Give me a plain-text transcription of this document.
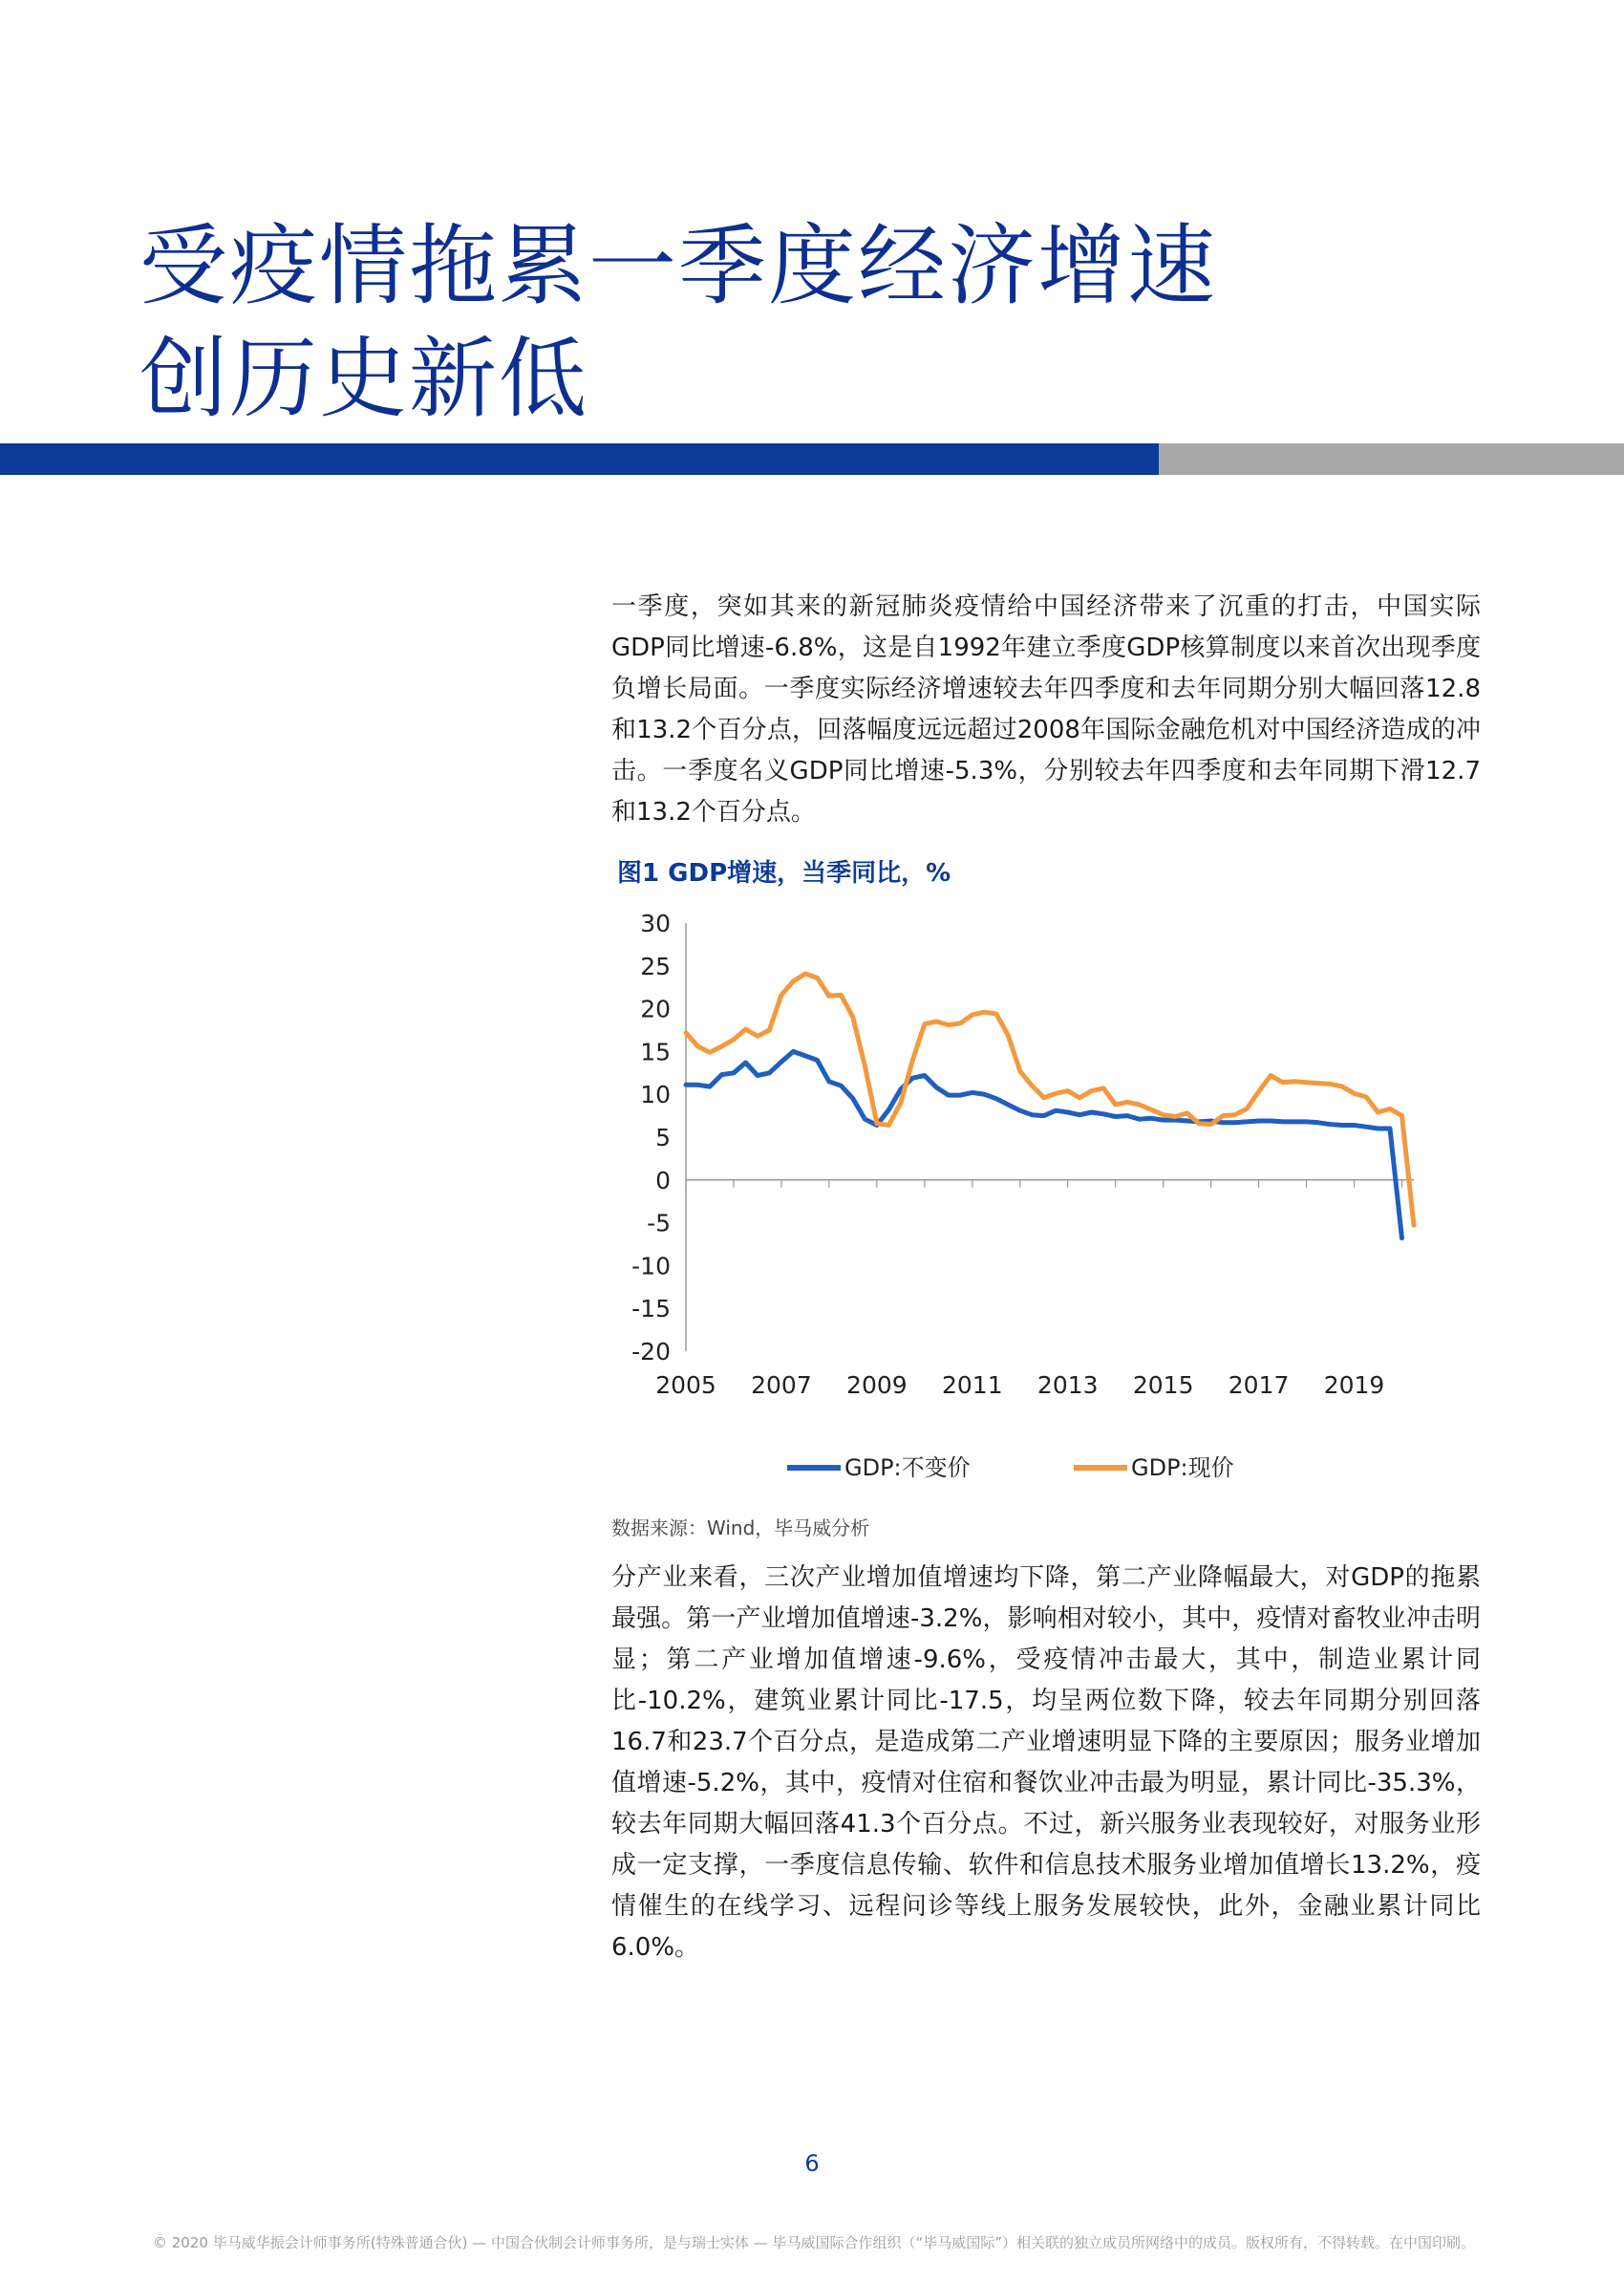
受疫情拖累一季度经济增速
创历史新低

一季度，突如其来的新冠肺炎疫情给中国经济带来了沉重的打击，中国实际GDP同比增速-6.8%，这是自1992年建立季度GDP核算制度以来首次出现季度负增长局面。一季度实际经济增速较去年四季度和去年同期分别大幅回落12.8和13.2个百分点，回落幅度远远超过2008年国际金融危机对中国经济造成的冲击。一季度名义GDP同比增速-5.3%，分别较去年四季度和去年同期下滑12.7和13.2个百分点。

图1 GDP增速，当季同比，%

30
25
20
15
10
5
0
-5
-10
-15
-20
2005 2007 2009 2011 2013 2015 2017 2019
GDP:不变价	GDP:现价
数据来源：Wind，毕马威分析

分产业来看，三次产业增加值增速均下降，第二产业降幅最大，对GDP的拖累最强。第一产业增加值增速-3.2%，影响相对较小，其中，疫情对畜牧业冲击明显；第二产业增加值增速-9.6%，受疫情冲击最大，其中，制造业累计同比-10.2%，建筑业累计同比-17.5，均呈两位数下降，较去年同期分别回落16.7和23.7个百分点，是造成第二产业增速明显下降的主要原因；服务业增加值增速-5.2%，其中，疫情对住宿和餐饮业冲击最为明显，累计同比-35.3%，较去年同期大幅回落41.3个百分点。不过，新兴服务业表现较好，对服务业形成一定支撑，一季度信息传输、软件和信息技术服务业增加值增长13.2%，疫情催生的在线学习、远程问诊等线上服务发展较快，此外，金融业累计同比6.0%。

6

© 2020 毕马威华振会计师事务所(特殊普通合伙) — 中国合伙制会计师事务所，是与瑞士实体 — 毕马威国际合作组织（“毕马威国际”）相关联的独立成员所网络中的成员。版权所有，不得转载。在中国印刷。
